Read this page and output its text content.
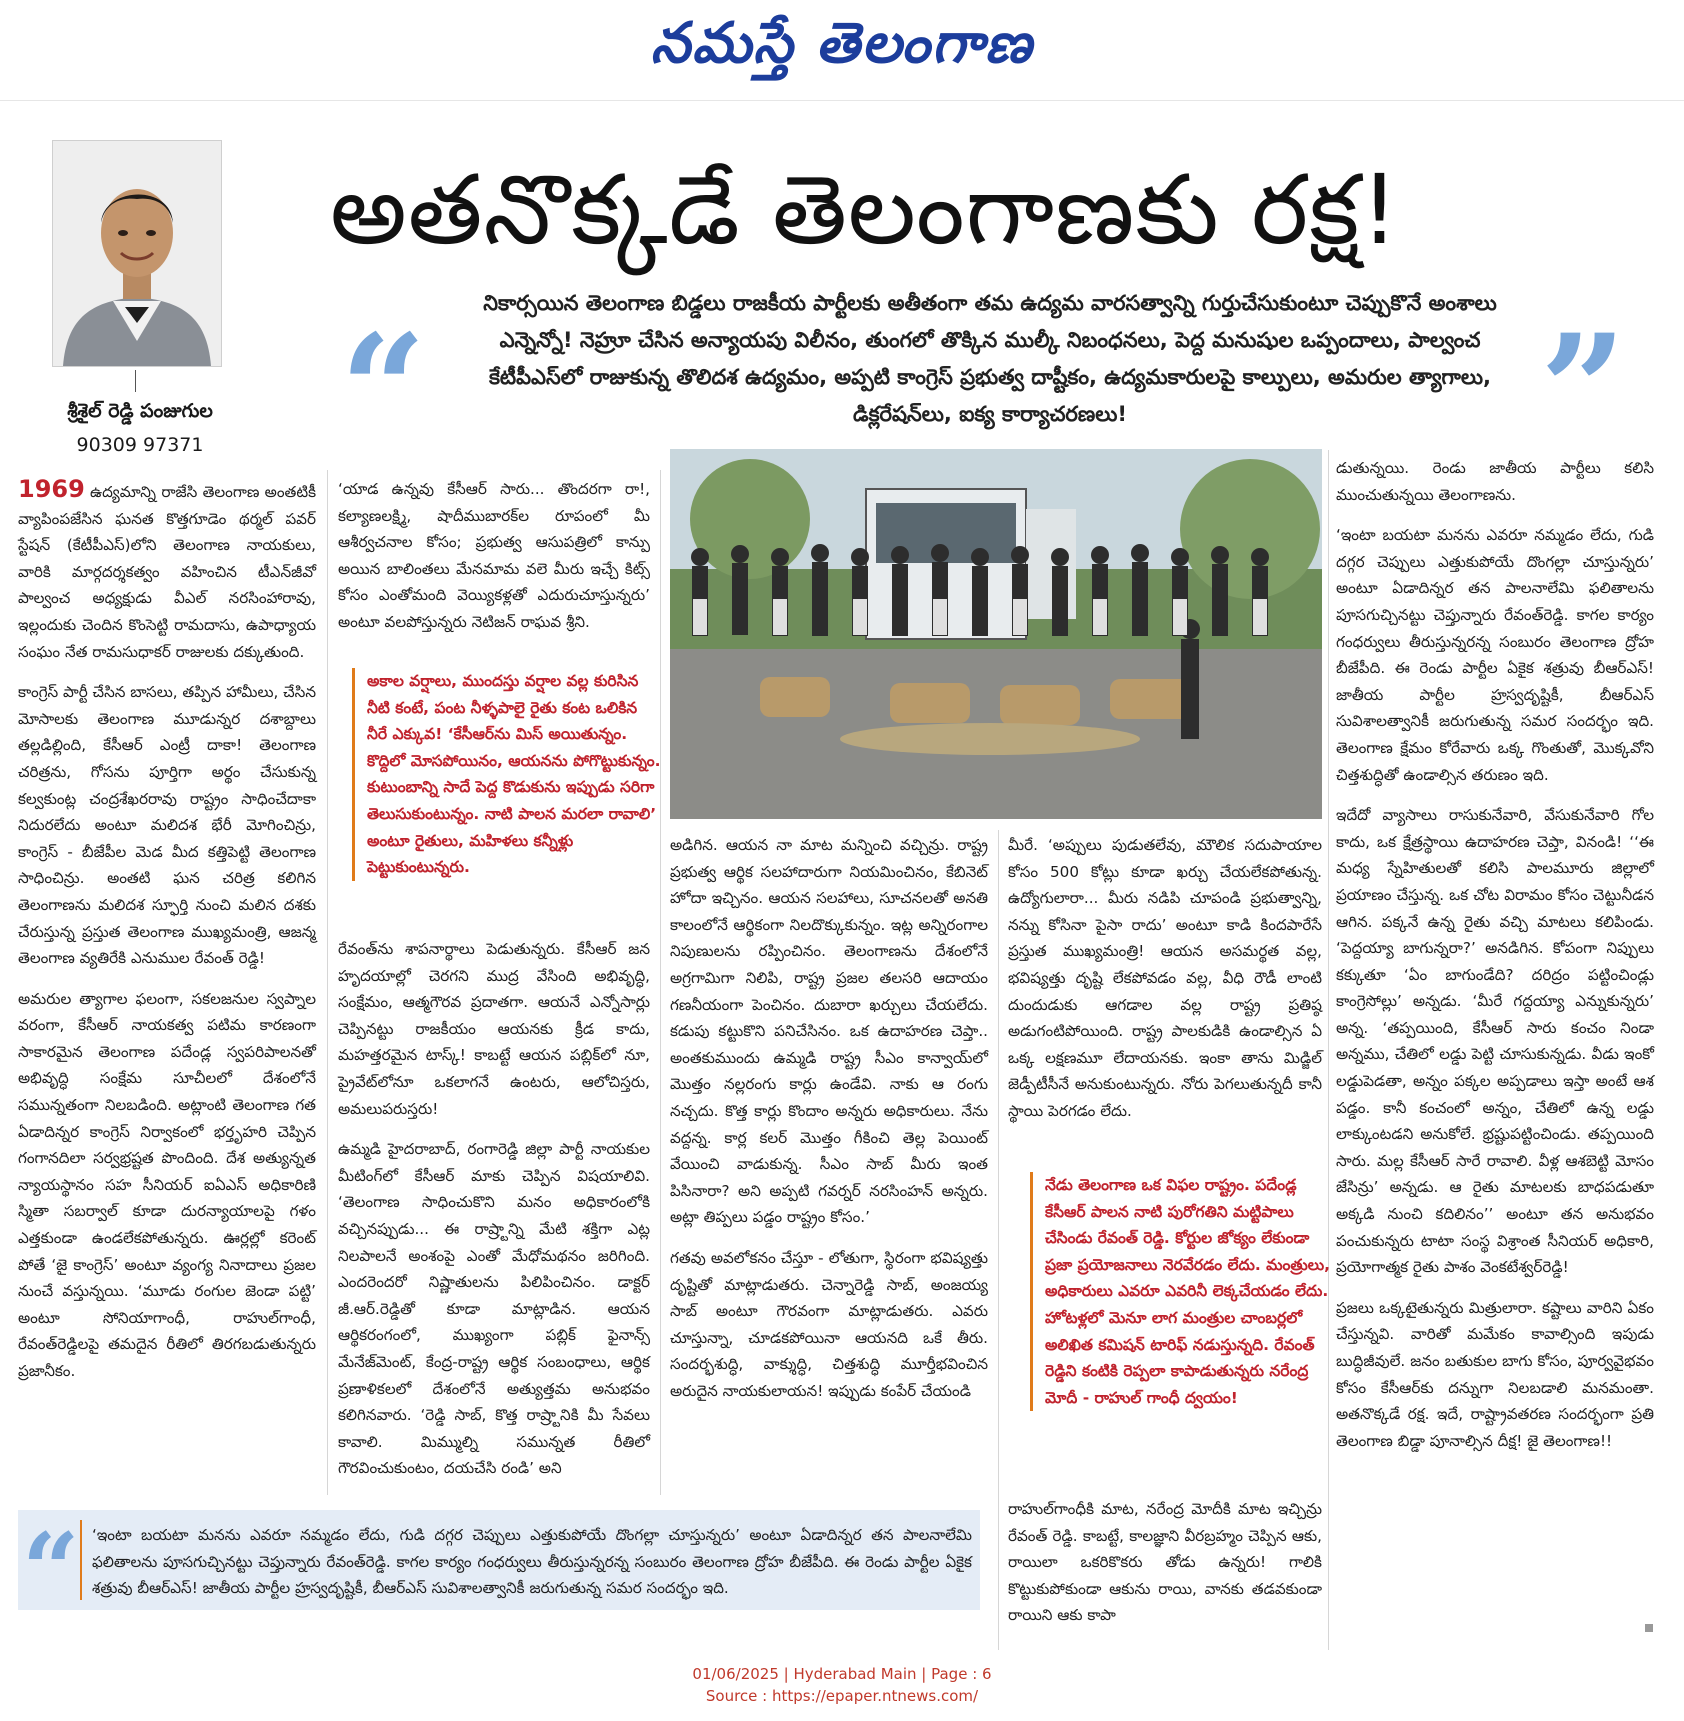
నమస్తే తెలంగాణ
శ్రీశైల్ రెడ్డి పంజుగుల
90309 97371
అతనొక్కడే తెలంగాణకు రక్ష!
“	”
నికార్సయిన తెలంగాణ బిడ్డలు రాజకీయ పార్టీలకు అతీతంగా తమ ఉద్యమ వారసత్వాన్ని గుర్తుచేసుకుంటూ చెప్పుకొనే అంశాలు ఎన్నెన్నో! నెహ్రూ చేసిన అన్యాయపు విలీనం, తుంగలో తొక్కిన ముల్కీ నిబంధనలు, పెద్ద మనుషుల ఒప్పందాలు, పాల్వంచ కేటీపీఎస్‌లో రాజుకున్న తొలిదశ ఉద్యమం, అప్పటి కాంగ్రెస్ ప్రభుత్వ దాష్టీకం, ఉద్యమకారులపై కాల్పులు, అమరుల త్యాగాలు, డిక్లరేషన్‌లు, ఐక్య కార్యాచరణలు!

1969 ఉద్యమాన్ని రాజేసి తెలంగాణ అంతటికీ వ్యాపింపజేసిన ఘనత కొత్తగూడెం థర్మల్ పవర్ స్టేషన్ (కేటీపీఎస్)లోని తెలంగాణ నాయకులు, వారికి మార్గదర్శకత్వం వహించిన టీఎన్‌జీవో పాల్వంచ అధ్యక్షుడు వీఎల్ నరసింహారావు, ఇల్లందుకు చెందిన కొంసెట్టి రామదాసు, ఉపాధ్యాయ సంఘం నేత రామసుధాకర్ రాజులకు దక్కుతుంది.

కాంగ్రెస్ పార్టీ చేసిన బాసలు, తప్పిన హామీలు, చేసిన మోసాలకు తెలంగాణ మూడున్నర దశాబ్దాలు తల్లడిల్లింది, కేసీఆర్ ఎంట్రీ దాకా! తెలంగాణ చరిత్రను, గోసను పూర్తిగా అర్థం చేసుకున్న కల్వకుంట్ల చంద్రశేఖరరావు రాష్ట్రం సాధించేదాకా నిదురలేదు అంటూ మలిదశ భేరీ మోగించిన్రు, కాంగ్రెస్ - బీజేపీల మెడ మీద కత్తిపెట్టి తెలంగాణ సాధించిన్రు. అంతటి ఘన చరిత్ర కలిగిన తెలంగాణను మలిదశ స్ఫూర్తి నుంచి మలిన దశకు చేరుస్తున్న ప్రస్తుత తెలంగాణ ముఖ్యమంత్రి, ఆజన్మ తెలంగాణ వ్యతిరేకి ఎనుముల రేవంత్ రెడ్డి!

అమరుల త్యాగాల ఫలంగా, సకలజనుల స్వప్నాల వరంగా, కేసీఆర్ నాయకత్వ పటిమ కారణంగా సాకారమైన తెలంగాణ పదేండ్ల స్వపరిపాలనతో అభివృద్ధి సంక్షేమ సూచీలలో దేశంలోనే సమున్నతంగా నిలబడింది. అట్లాంటి తెలంగాణ గత ఏడాదిన్నర కాంగ్రెస్ నిర్వాకంలో భర్తృహరి చెప్పిన గంగానదిలా సర్వభ్రష్టత పొందింది. దేశ అత్యున్నత న్యాయస్థానం సహ సీనియర్ ఐఏఎస్ అధికారిణి స్మితా సబర్వాల్ కూడా దురన్యాయాలపై గళం ఎత్తకుండా ఉండలేకపోతున్నరు. ఊర్లల్లో కరెంట్ పోతే ‘జై కాంగ్రెస్’ అంటూ వ్యంగ్య నినాదాలు ప్రజల నుంచే వస్తున్నయి. ‘మూడు రంగుల జెండా పట్టి’ అంటూ సోనియాగాంధీ, రాహుల్‌గాంధీ, రేవంత్‌రెడ్డిలపై తమదైన రీతిలో తిరగబడుతున్నరు ప్రజానీకం.

‘యాడ ఉన్నవు కేసీఆర్ సారు... తొందరగా రా!, కల్యాణలక్ష్మి, షాదీముబారక్‌ల రూపంలో మీ ఆశీర్వచనాల కోసం; ప్రభుత్వ ఆసుపత్రిలో కాన్పు అయిన బాలింతలు మేనమామ వలె మీరు ఇచ్చే కిట్స్ కోసం ఎంతోమంది వెయ్యికళ్లతో ఎదురుచూస్తున్నరు’ అంటూ వలపోస్తున్నరు నెటిజన్ రాఘవ శ్రీని.

అకాల వర్షాలు, ముందస్తు వర్షాల వల్ల కురిసిన నీటి కంటే, పంట నీళ్ళపాలై రైతు కంట ఒలికిన నీరే ఎక్కువ! ‘కేసీఆర్‌ను మిస్ అయితున్నం. కొద్దిలో మోసపోయినం, ఆయనను పోగొట్టుకున్నం. కుటుంబాన్ని సాదే పెద్ద కొడుకును ఇప్పుడు సరిగా తెలుసుకుంటున్నం. నాటి పాలన మరలా రావాలి’ అంటూ రైతులు, మహిళలు కన్నీళ్లు పెట్టుకుంటున్నరు.

రేవంత్‌ను శాపనార్థాలు పెడుతున్నరు. కేసీఆర్ జన హృదయాల్లో చెరగని ముద్ర వేసింది అభివృద్ధి, సంక్షేమం, ఆత్మగౌరవ ప్రదాతగా. ఆయనే ఎన్నోసార్లు చెప్పినట్టు రాజకీయం ఆయనకు క్రీడ కాదు, మహత్తరమైన టాస్క్! కాబట్టే ఆయన పబ్లిక్‌లో నూ, ప్రైవేట్‌లోనూ ఒకలాగనే ఉంటరు, ఆలోచిస్తరు, అమలుపరుస్తరు!

ఉమ్మడి హైదరాబాద్, రంగారెడ్డి జిల్లా పార్టీ నాయకుల మీటింగ్‌లో కేసీఆర్ మాకు చెప్పిన విషయాలివి. ‘తెలంగాణ సాధించుకొని మనం అధికారంలోకి వచ్చినప్పుడు... ఈ రాష్ర్టాన్ని మేటి శక్తిగా ఎట్ల నిలపాలనే అంశంపై ఎంతో మేధోమథనం జరిగింది. ఎందరెందరో నిష్ణాతులను పిలిపించినం. డాక్టర్ జీ.ఆర్.రెడ్డితో కూడా మాట్లాడిన. ఆయన ఆర్థికరంగంలో, ముఖ్యంగా పబ్లిక్ ఫైనాన్స్ మేనేజ్‌మెంట్, కేంద్ర-రాష్ట్ర ఆర్థిక సంబంధాలు, ఆర్థిక ప్రణాళికలలో దేశంలోనే అత్యుత్తమ అనుభవం కలిగినవారు. ‘రెడ్డి సాబ్, కొత్త రాష్ర్టానికి మీ సేవలు కావాలి. మిమ్ముల్ని సమున్నత రీతిలో గౌరవించుకుంటం, దయచేసి రండి’ అని

అడిగిన. ఆయన నా మాట మన్నించి వచ్చిన్రు. రాష్ట్ర ప్రభుత్వ ఆర్థిక సలహాదారుగా నియమించినం, కేబినెట్ హోదా ఇచ్చినం. ఆయన సలహాలు, సూచనలతో అనతి కాలంలోనే ఆర్థికంగా నిలదొక్కుకున్నం. ఇట్ల అన్నిరంగాల నిపుణులను రప్పించినం. తెలంగాణను దేశంలోనే అగ్రగామిగా నిలిపి, రాష్ట్ర ప్రజల తలసరి ఆదాయం గణనీయంగా పెంచినం. దుబారా ఖర్చులు చేయలేదు. కడుపు కట్టుకొని పనిచేసినం. ఒక ఉదాహరణ చెప్తా.. అంతకుముందు ఉమ్మడి రాష్ట్ర సీఎం కాన్వాయ్‌లో మొత్తం నల్లరంగు కార్లు ఉండేవి. నాకు ఆ రంగు నచ్చదు. కొత్త కార్లు కొందాం అన్నరు అధికారులు. నేను వద్దన్న. కార్ల కలర్ మొత్తం గీకించి తెల్ల పెయింట్ వేయించి వాడుకున్న. సీఎం సాబ్ మీరు ఇంత పిసినారా? అని అప్పటి గవర్నర్ నరసింహన్ అన్నరు. అట్లా తిప్పలు పడ్డం రాష్ట్రం కోసం.’

గతవు అవలోకనం చేస్తూ - లోతుగా, స్థిరంగా భవిష్యత్తు దృష్టితో మాట్లాడుతరు. చెన్నారెడ్డి సాబ్, అంజయ్య సాబ్ అంటూ గౌరవంగా మాట్లాడుతరు. ఎవరు చూస్తున్నా, చూడకపోయినా ఆయనది ఒకే తీరు. సందర్భశుద్ధి, వాక్శుద్ధి, చిత్తశుద్ధి మూర్తీభవించిన అరుదైన నాయకులాయన! ఇప్పుడు కంపేర్ చేయండి

మీరే. ‘అప్పులు పుడుతలేవు, మౌలిక సదుపాయాల కోసం 500 కోట్లు కూడా ఖర్చు చేయలేకపోతున్న. ఉద్యోగులారా... మీరు నడిపి చూపండి ప్రభుత్వాన్ని, నన్ను కోసినా పైసా రాదు’ అంటూ కాడి కిందపారేసే ప్రస్తుత ముఖ్యమంత్రి! ఆయన అసమర్థత వల్ల, భవిష్యత్తు దృష్టి లేకపోవడం వల్ల, వీధి రౌడీ లాంటి దుందుడుకు ఆగడాల వల్ల రాష్ట్ర ప్రతిష్ఠ అడుగంటిపోయింది. రాష్ట్ర పాలకుడికి ఉండాల్సిన ఏ ఒక్క లక్షణమూ లేదాయనకు. ఇంకా తాను మిడ్జిల్ జెడ్పీటీసీనే అనుకుంటున్నరు. నోరు పెగలుతున్నదీ కానీ స్థాయి పెరగడం లేదు.

నేడు తెలంగాణ ఒక విఫల రాష్ట్రం. పదేండ్ల కేసీఆర్ పాలన నాటి పురోగతిని మట్టిపాలు చేసిండు రేవంత్ రెడ్డి. కోర్టుల జోక్యం లేకుండా ప్రజా ప్రయోజనాలు నెరవేరడం లేదు. మంత్రులు, అధికారులు ఎవరూ ఎవరినీ లెక్కచేయడం లేదు. హోటళ్లలో మెనూ లాగ మంత్రుల చాంబర్లలో అలిఖిత కమిషన్ టారిఫ్ నడుస్తున్నది. రేవంత్ రెడ్డిని కంటికి రెప్పలా కాపాడుతున్నరు నరేంద్ర మోదీ - రాహుల్ గాంధీ ద్వయం!

రాహుల్‌గాంధీకి మాట, నరేంద్ర మోదీకి మాట ఇచ్చిన్రు రేవంత్ రెడ్డి. కాబట్టే, కాలజ్ఞాని వీరబ్రహ్మం చెప్పిన ఆకు, రాయిలా ఒకరికొకరు తోడు ఉన్నరు! గాలికి కొట్టుకుపోకుండా ఆకును రాయి, వానకు తడవకుండా రాయిని ఆకు కాపా

డుతున్నయి. రెండు జాతీయ పార్టీలు కలిసి ముంచుతున్నయి తెలంగాణను.

‘ఇంటా బయటా మనను ఎవరూ నమ్మడం లేదు, గుడి దగ్గర చెప్పులు ఎత్తుకుపోయే దొంగల్లా చూస్తున్నరు’ అంటూ ఏడాదిన్నర తన పాలనాలేమి ఫలితాలను పూసగుచ్చినట్టు చెప్తున్నారు రేవంత్‌రెడ్డి. కాగల కార్యం గంధర్వులు తీరుస్తున్నరన్న సంబురం తెలంగాణ ద్రోహ బీజేపీది. ఈ రెండు పార్టీల ఏకైక శత్రువు బీఆర్ఎస్! జాతీయ పార్టీల హ్రస్వదృష్టికీ, బీఆర్ఎస్ సువిశాలత్వానికీ జరుగుతున్న సమర సందర్భం ఇది. తెలంగాణ క్షేమం కోరేవారు ఒక్క గొంతుతో, మొక్కవోని చిత్తశుద్ధితో ఉండాల్సిన తరుణం ఇది.

ఇదేదో వ్యాసాలు రాసుకునేవారి, వేసుకునేవారి గోల కాదు, ఒక క్షేత్రస్థాయి ఉదాహరణ చెప్తా, వినండి! ‘‘ఈ మధ్య స్నేహితులతో కలిసి పాలమూరు జిల్లాలో ప్రయాణం చేస్తున్న. ఒక చోట విరామం కోసం చెట్టునీడన ఆగిన. పక్కనే ఉన్న రైతు వచ్చి మాటలు కలిపిండు. ‘పెద్దయ్యా బాగున్నరా?’ అనడిగిన. కోపంగా నిప్పులు కక్కుతూ ‘ఏం బాగుండేది? దరిద్రం పట్టించిండ్లు కాంగ్రెసోల్లు’ అన్నడు. ‘మీరే గద్దయ్యా ఎన్నుకున్నరు’ అన్న. ‘తప్పయింది, కేసీఆర్ సారు కంచం నిండా అన్నము, చేతిలో లడ్డు పెట్టి చూసుకున్నడు. వీడు ఇంకో లడ్డుపెడతా, అన్నం పక్కల అప్పడాలు ఇస్తా అంటే ఆశ పడ్డం. కానీ కంచంలో అన్నం, చేతిలో ఉన్న లడ్డు లాక్కుంటడని అనుకోలే. భ్రష్టుపట్టించిండు. తప్పయింది సారు. మల్ల కేసీఆర్ సారే రావాలి. వీళ్ల ఆశబెట్టి మోసం జేసిన్రు’ అన్నడు. ఆ రైతు మాటలకు బాధపడుతూ అక్కడి నుంచి కదిలినం’’ అంటూ తన అనుభవం పంచుకున్నరు టాటా సంస్థ విశ్రాంత సీనియర్ అధికారి, ప్రయోగాత్మక రైతు పాశం వెంకటేశ్వర్‌రెడ్డి!

ప్రజలు ఒక్కటైతున్నరు మిత్రులారా. కష్టాలు వారిని ఏకం చేస్తున్నవి. వారితో మమేకం కావాల్సింది ఇపుడు బుద్ధిజీవులే. జనం బతుకుల బాగు కోసం, పూర్వవైభవం కోసం కేసీఆర్‌కు దన్నుగా నిలబడాలి మనమంతా. అతనొక్కడే రక్ష. ఇదే, రాష్ట్రావతరణ సందర్భంగా ప్రతి తెలంగాణ బిడ్డా పూనాల్సిన దీక్ష! జై తెలంగాణ!!

“ ‘ఇంటా బయటా మనను ఎవరూ నమ్మడం లేదు, గుడి దగ్గర చెప్పులు ఎత్తుకుపోయే దొంగల్లా చూస్తున్నరు’ అంటూ ఏడాదిన్నర తన పాలనాలేమి ఫలితాలను పూసగుచ్చినట్టు చెప్తున్నారు రేవంత్‌రెడ్డి. కాగల కార్యం గంధర్వులు తీరుస్తున్నరన్న సంబురం తెలంగాణ ద్రోహ బీజేపీది. ఈ రెండు పార్టీల ఏకైక శత్రువు బీఆర్ఎస్! జాతీయ పార్టీల హ్రస్వదృష్టికీ, బీఆర్ఎస్ సువిశాలత్వానికీ జరుగుతున్న సమర సందర్భం ఇది.
01/06/2025 | Hyderabad Main | Page : 6
Source : https://epaper.ntnews.com/
